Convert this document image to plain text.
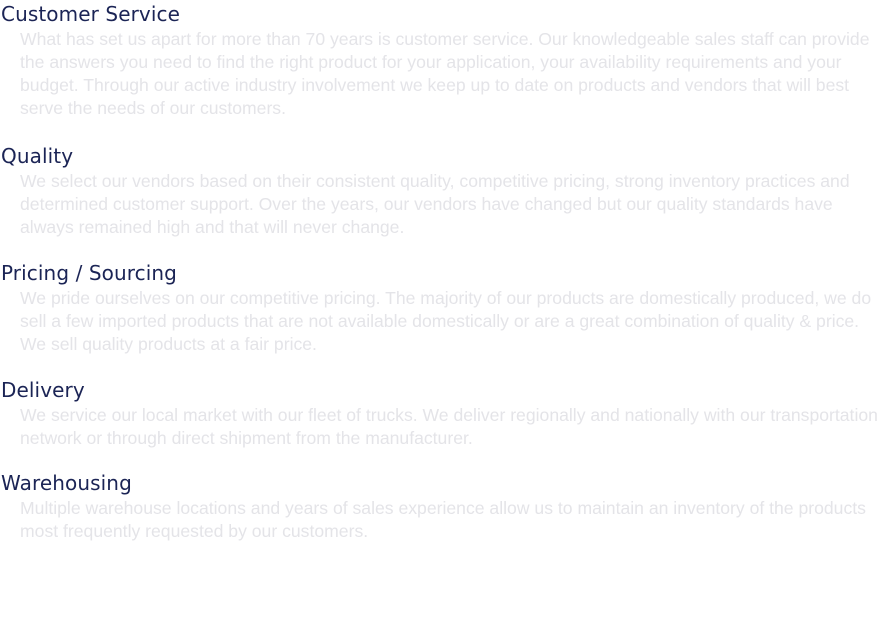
Customer Service

What has set us apart for more than 70 years is customer service. Our knowledgeable sales staff can provide the answers you need to find the right product for your application, your availability requirements and your budget. Through our active industry involvement we keep up to date on products and vendors that will best serve the needs of our customers.

Quality

We select our vendors based on their consistent quality, competitive pricing, strong inventory practices and determined customer support. Over the years, our vendors have changed but our quality standards have always remained high and that will never change.

Pricing / Sourcing

We pride ourselves on our competitive pricing. The majority of our products are domestically produced, we do sell a few imported products that are not available domestically or are a great combination of quality & price. We sell quality products at a fair price.

Delivery

We service our local market with our fleet of trucks. We deliver regionally and nationally with our transportation network or through direct shipment from the manufacturer.

Warehousing

Multiple warehouse locations and years of sales experience allow us to maintain an inventory of the products most frequently requested by our customers.
